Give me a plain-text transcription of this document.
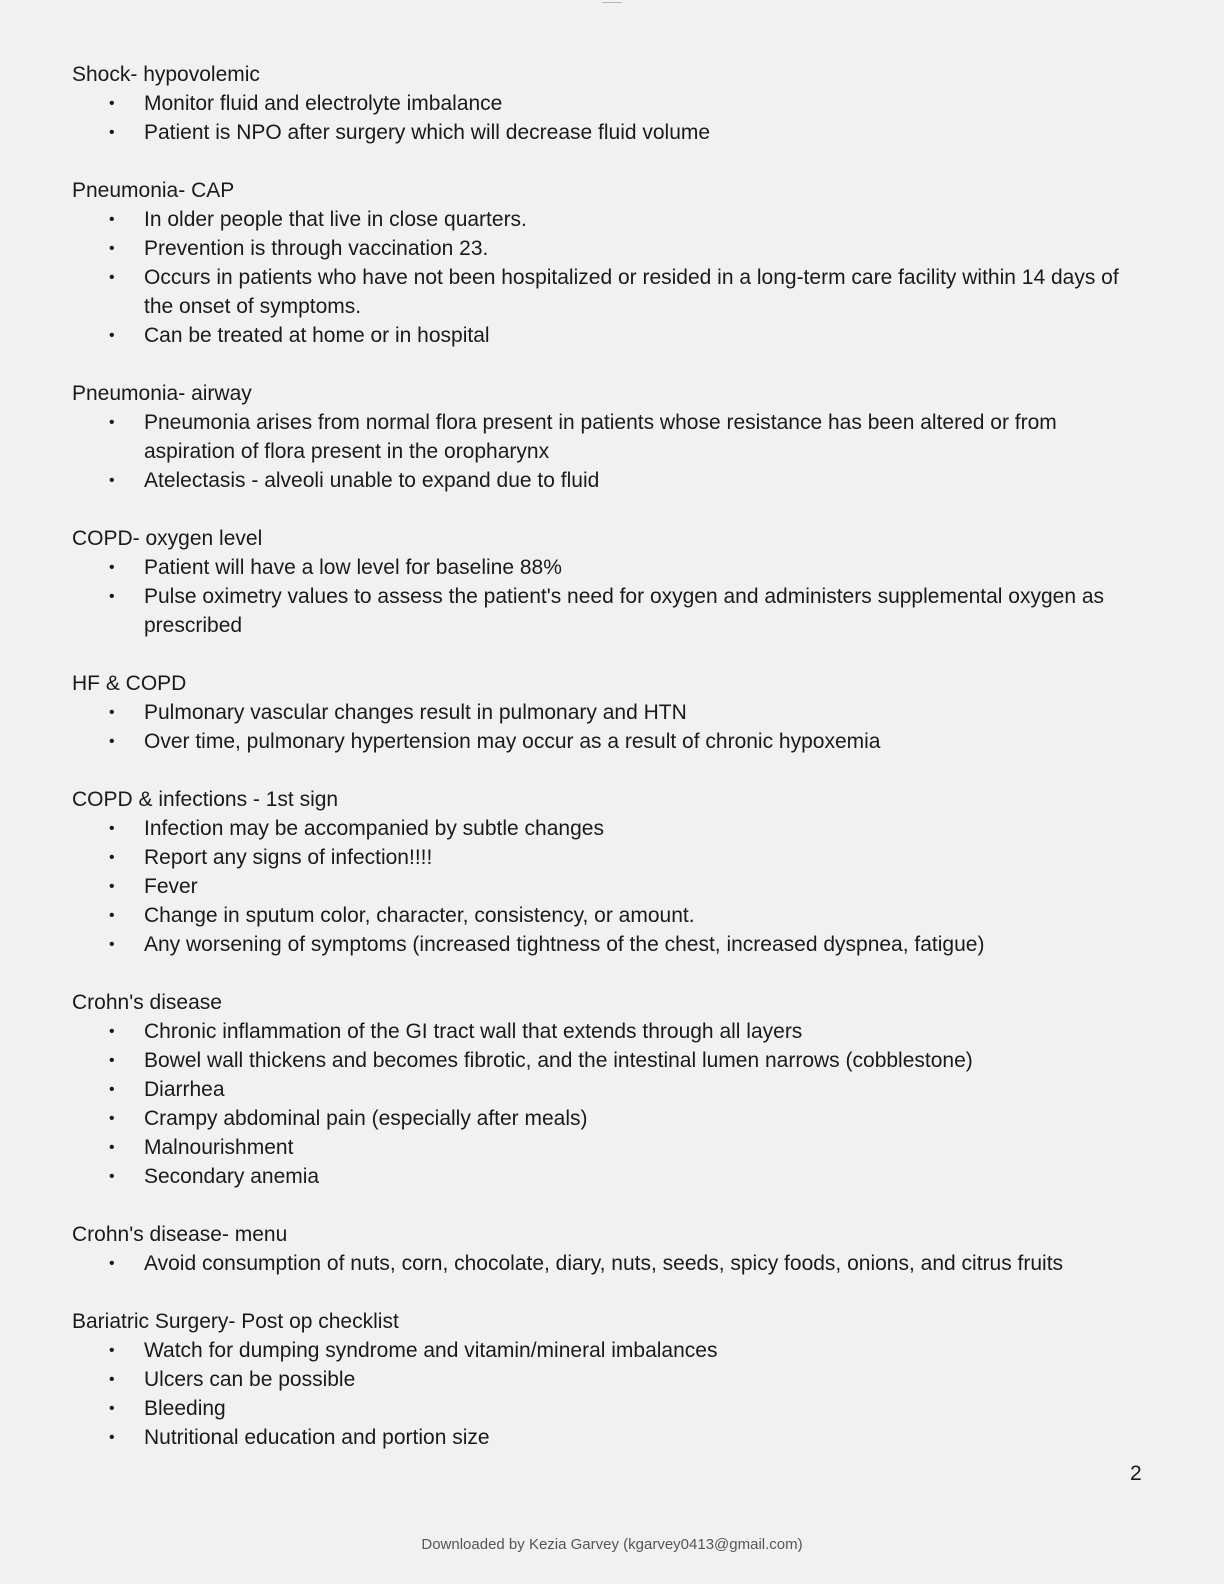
Shock- hypovolemic

• Monitor fluid and electrolyte imbalance
• Patient is NPO after surgery which will decrease fluid volume

Pneumonia- CAP

• In older people that live in close quarters.
• Prevention is through vaccination 23.
• Occurs in patients who have not been hospitalized or resided in a long-term care facility within 14 days of the onset of symptoms.
• Can be treated at home or in hospital

Pneumonia- airway

• Pneumonia arises from normal flora present in patients whose resistance has been altered or from aspiration of flora present in the oropharynx
• Atelectasis - alveoli unable to expand due to fluid

COPD- oxygen level

• Patient will have a low level for baseline 88%
• Pulse oximetry values to assess the patient's need for oxygen and administers supplemental oxygen as prescribed

HF & COPD

• Pulmonary vascular changes result in pulmonary and HTN
• Over time, pulmonary hypertension may occur as a result of chronic hypoxemia

COPD & infections - 1st sign

• Infection may be accompanied by subtle changes
• Report any signs of infection!!!!
• Fever
• Change in sputum color, character, consistency, or amount.
• Any worsening of symptoms (increased tightness of the chest, increased dyspnea, fatigue)

Crohn's disease

• Chronic inflammation of the GI tract wall that extends through all layers
• Bowel wall thickens and becomes fibrotic, and the intestinal lumen narrows (cobblestone)
• Diarrhea
• Crampy abdominal pain (especially after meals)
• Malnourishment
• Secondary anemia

Crohn's disease- menu

• Avoid consumption of nuts, corn, chocolate, diary, nuts, seeds, spicy foods, onions, and citrus fruits

Bariatric Surgery- Post op checklist

• Watch for dumping syndrome and vitamin/mineral imbalances
• Ulcers can be possible
• Bleeding
• Nutritional education and portion size
2
Downloaded by Kezia Garvey (kgarvey0413@gmail.com)
